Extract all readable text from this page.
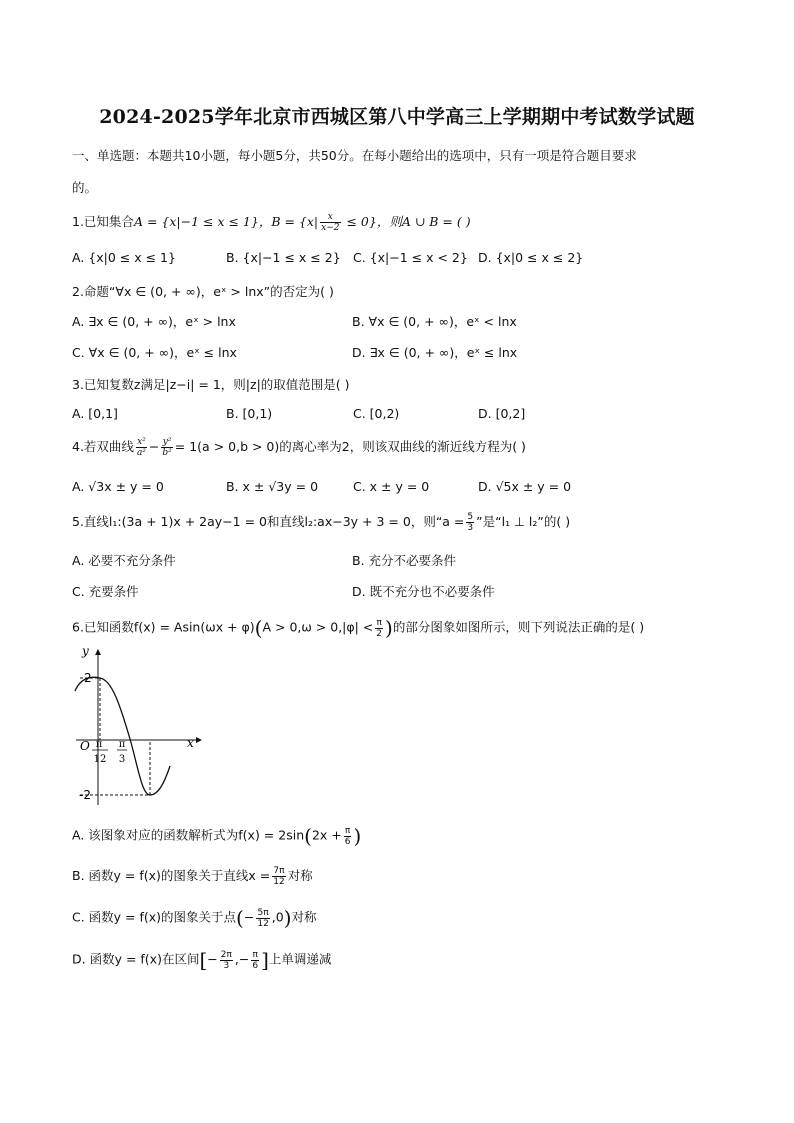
2024-2025学年北京市西城区第八中学高三上学期期中考试数学试题
一、单选题：本题共10小题，每小题5分，共50分。在每小题给出的选项中，只有一项是符合题目要求
的。
1.已知集合A = {x|−1 ≤ x ≤ 1}，$B = \{x| \frac{x}{x-2} \le 0\}$，则A ∪ B = ( )
A. {x|0 ≤ x ≤ 1}	B. {x|−1 ≤ x ≤ 2} C. {x|−1 ≤ x < 2} D. {x|0 ≤ x ≤ 2}
2.命题“∀x ∈ (0, + ∞)，eˣ > lnx”的否定为( )
A. ∃x ∈ (0, + ∞)，eˣ > lnx	B. ∀x ∈ (0, + ∞)，eˣ < lnx
C. ∀x ∈ (0, + ∞)，eˣ ≤ lnx	D. ∃x ∈ (0, + ∞)，eˣ ≤ lnx
3.已知复数z满足|z−i| = 1，则|z|的取值范围是( )
A. [0,1]	B. [0,1)	C. [0,2)	D. [0,2]
4.若双曲线 $\frac{\text{x²}}{\text{a²}} - \frac{\text{y²}}{\text{b²}} = 1(a > 0,b > 0)$的离心率为2，则该双曲线的渐近线方程为( )
A. √3x ± y = 0	B. x ± √3y = 0	C. x ± y = 0	D. √5x ± y = 0
5.直线l₁:(3a + 1)x + 2ay−1 = 0和直线l₂:ax−3y + 3 = 0，则“$a = \frac{5}{3}$ ”是“l₁ ⊥ l₂”的( )
A. 必要不充分条件	B. 充分不必要条件
C. 充要条件	D. 既不充分也不必要条件
6.已知函数$f(x) = Asin(\omega x + \varphi)(A > 0,\omega > 0,|\varphi| < \frac{\pi}{2}$ )的部分图象如图所示，则下列说法正确的是( )
y
x
O
2
-2
π
12
π
3
A. 该图象对应的函数解析式为$f(x) = 2\sin(2x + \frac{\pi}{6}$ )
B. 函数y = f(x)的图象关于直线$x = \frac{7\pi}{12}$ 对称
C. 函数y = f(x)的图象关于点(− $\frac{5\pi}{12} ,0$)对称
D. 函数y = f(x)在区间[− $\frac{2\pi}{3}$ ,− $\frac{\pi}{6}$ ]上单调递减
